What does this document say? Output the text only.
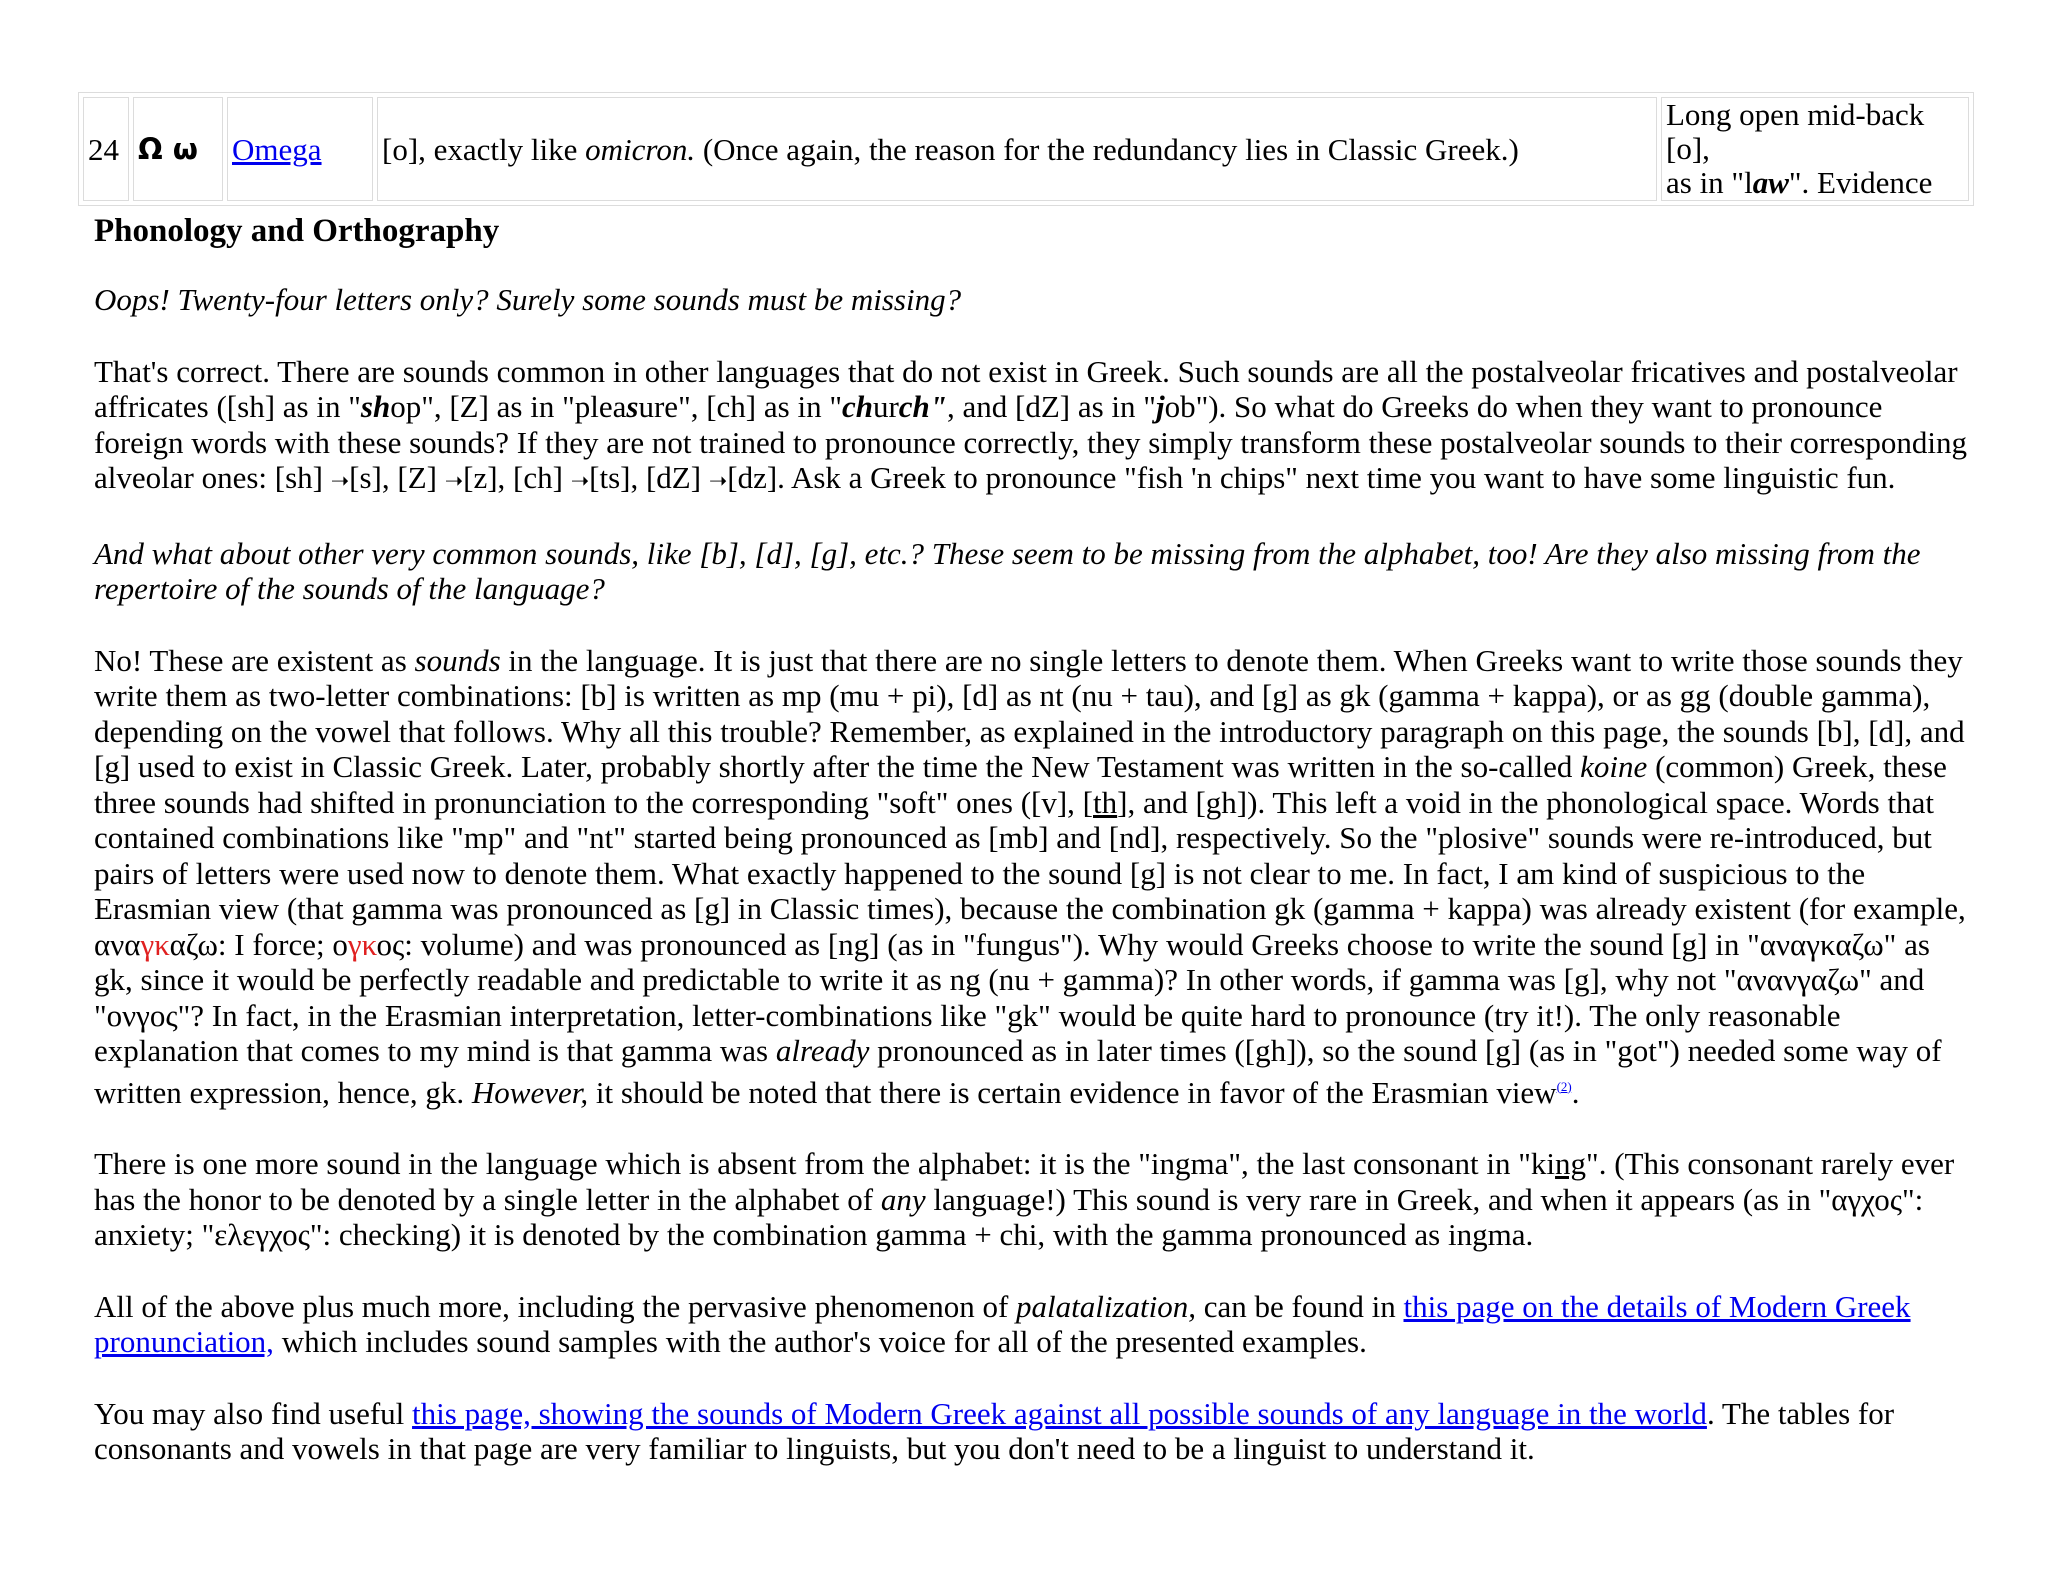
24	Ω ω	Omega	[o], exactly like omicron. (Once again, the reason for the redundancy lies in Classic Greek.)	Long open mid-back [o],
as in "law". Evidence
Phonology and Orthography

Oops! Twenty-four letters only? Surely some sounds must be missing?

That's correct. There are sounds common in other languages that do not exist in Greek. Such sounds are all the postalveolar fricatives and postalveolar affricates ([sh] as in "shop", [Z] as in "pleasure", [ch] as in "church", and [dZ] as in "job"). So what do Greeks do when they want to pronounce foreign words with these sounds? If they are not trained to pronounce correctly, they simply transform these postalveolar sounds to their corresponding alveolar ones: [sh] ➝[s], [Z] ➝[z], [ch] ➝[ts], [dZ] ➝[dz]. Ask a Greek to pronounce "fish 'n chips" next time you want to have some linguistic fun.

And what about other very common sounds, like [b], [d], [g], etc.? These seem to be missing from the alphabet, too! Are they also missing from the repertoire of the sounds of the language?

No! These are existent as sounds in the language. It is just that there are no single letters to denote them. When Greeks want to write those sounds they write them as two-letter combinations: [b] is written as mp (mu + pi), [d] as nt (nu + tau), and [g] as gk (gamma + kappa), or as gg (double gamma), depending on the vowel that follows. Why all this trouble? Remember, as explained in the introductory paragraph on this page, the sounds [b], [d], and [g] used to exist in Classic Greek. Later, probably shortly after the time the New Testament was written in the so-called koine (common) Greek, these three sounds had shifted in pronunciation to the corresponding "soft" ones ([v], [th], and [gh]). This left a void in the phonological space. Words that contained combinations like "mp" and "nt" started being pronounced as [mb] and [nd], respectively. So the "plosive" sounds were re-introduced, but pairs of letters were used now to denote them. What exactly happened to the sound [g] is not clear to me. In fact, I am kind of suspicious to the Erasmian view (that gamma was pronounced as [g] in Classic times), because the combination gk (gamma + kappa) was already existent (for example, αναγκαζω: I force; ογκος: volume) and was pronounced as [ng] (as in "fungus"). Why would Greeks choose to write the sound [g] in "αναγκαζω" as gk, since it would be perfectly readable and predictable to write it as ng (nu + gamma)? In other words, if gamma was [g], why not "ανανγαζω" and "ονγος"? In fact, in the Erasmian interpretation, letter-combinations like "gk" would be quite hard to pronounce (try it!). The only reasonable explanation that comes to my mind is that gamma was already pronounced as in later times ([gh]), so the sound [g] (as in "got") needed some way of written expression, hence, gk. However, it should be noted that there is certain evidence in favor of the Erasmian view$^{(2)}$.

There is one more sound in the language which is absent from the alphabet: it is the "ingma", the last consonant in "king". (This consonant rarely ever has the honor to be denoted by a single letter in the alphabet of any language!) This sound is very rare in Greek, and when it appears (as in "αγχος": anxiety; "ελεγχος": checking) it is denoted by the combination gamma + chi, with the gamma pronounced as ingma.

All of the above plus much more, including the pervasive phenomenon of palatalization, can be found in this page on the details of Modern Greek pronunciation, which includes sound samples with the author's voice for all of the presented examples.

You may also find useful this page, showing the sounds of Modern Greek against all possible sounds of any language in the world. The tables for consonants and vowels in that page are very familiar to linguists, but you don't need to be a linguist to understand it.
